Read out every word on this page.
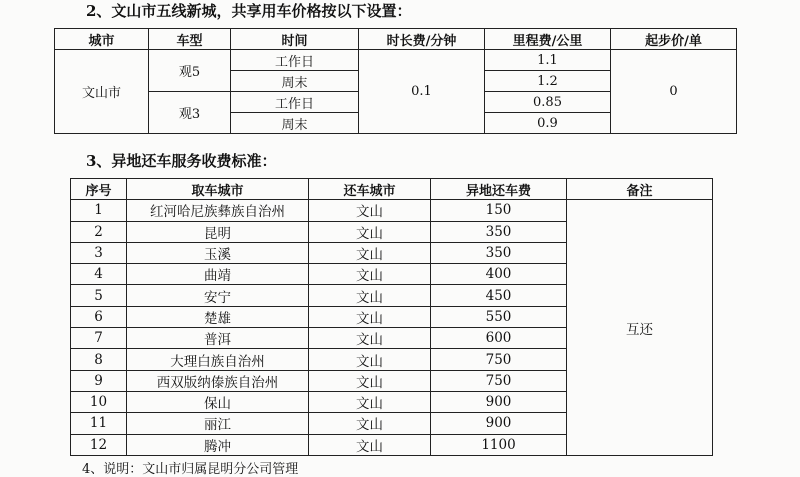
2、文山市五线新城，共享用车价格按以下设置：
城市	车型	时间	时长费/分钟	里程费/公里	起步价/单
文山市	观5	工作日	0.1	1.1	0
		周末		1.2	
	观3	工作日		0.85	
		周末		0.9	
3、异地还车服务收费标准：
序号	取车城市	还车城市	异地还车费	备注
1	红河哈尼族彝族自治州	文山	150	互还
2	昆明	文山	350	
3	玉溪	文山	350	
4	曲靖	文山	400	
5	安宁	文山	450	
6	楚雄	文山	550	
7	普洱	文山	600	
8	大理白族自治州	文山	750	
9	西双版纳傣族自治州	文山	750	
10	保山	文山	900	
11	丽江	文山	900	
12	腾冲	文山	1100	
4、说明：文山市归属昆明分公司管理
